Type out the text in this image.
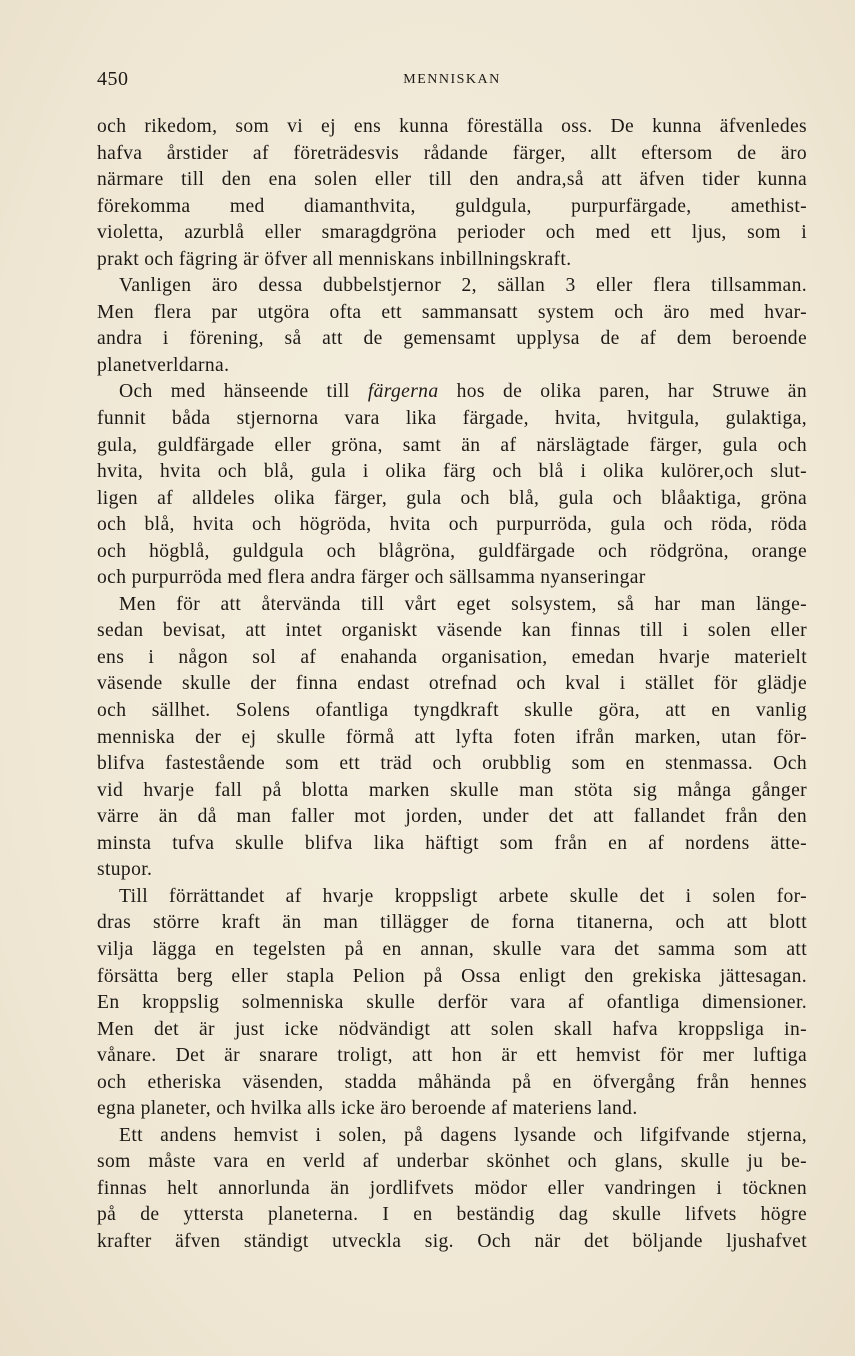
450	MENNISKAN
och rikedom, som vi ej ens kunna föreställa oss. De kunna äfvenledes
hafva årstider af företrädesvis rådande färger, allt eftersom de äro
närmare till den ena solen eller till den andra,så att äfven tider kunna
förekomma med diamanthvita, guldgula, purpurfärgade, amethist-
violetta, azurblå eller smaragdgröna perioder och med ett ljus, som i
prakt och fägring är öfver all menniskans inbillningskraft.
Vanligen äro dessa dubbelstjernor 2, sällan 3 eller flera tillsamman.
Men flera par utgöra ofta ett sammansatt system och äro med hvar-
andra i förening, så att de gemensamt upplysa de af dem beroende
planetverldarna.
Och med hänseende till färgerna hos de olika paren, har Struwe än
funnit båda stjernorna vara lika färgade, hvita, hvitgula, gulaktiga,
gula, guldfärgade eller gröna, samt än af närslägtade färger, gula och
hvita, hvita och blå, gula i olika färg och blå i olika kulörer,och slut-
ligen af alldeles olika färger, gula och blå, gula och blåaktiga, gröna
och blå, hvita och högröda, hvita och purpurröda, gula och röda, röda
och högblå, guldgula och blågröna, guldfärgade och rödgröna, orange
och purpurröda med flera andra färger och sällsamma nyanseringar
Men för att återvända till vårt eget solsystem, så har man länge-
sedan bevisat, att intet organiskt väsende kan finnas till i solen eller
ens i någon sol af enahanda organisation, emedan hvarje materielt
väsende skulle der finna endast otrefnad och kval i stället för glädje
och sällhet. Solens ofantliga tyngdkraft skulle göra, att en vanlig
menniska der ej skulle förmå att lyfta foten ifrån marken, utan för-
blifva fastestående som ett träd och orubblig som en stenmassa. Och
vid hvarje fall på blotta marken skulle man stöta sig många gånger
värre än då man faller mot jorden, under det att fallandet från den
minsta tufva skulle blifva lika häftigt som från en af nordens ätte-
stupor.
Till förrättandet af hvarje kroppsligt arbete skulle det i solen for-
dras större kraft än man tillägger de forna titanerna, och att blott
vilja lägga en tegelsten på en annan, skulle vara det samma som att
försätta berg eller stapla Pelion på Ossa enligt den grekiska jättesagan.
En kroppslig solmenniska skulle derför vara af ofantliga dimensioner.
Men det är just icke nödvändigt att solen skall hafva kroppsliga in-
vånare. Det är snarare troligt, att hon är ett hemvist för mer luftiga
och etheriska väsenden, stadda måhända på en öfvergång från hennes
egna planeter, och hvilka alls icke äro beroende af materiens land.
Ett andens hemvist i solen, på dagens lysande och lifgifvande stjerna,
som måste vara en verld af underbar skönhet och glans, skulle ju be-
finnas helt annorlunda än jordlifvets mödor eller vandringen i töcknen
på de yttersta planeterna. I en beständig dag skulle lifvets högre
krafter äfven ständigt utveckla sig. Och när det böljande ljushafvet
